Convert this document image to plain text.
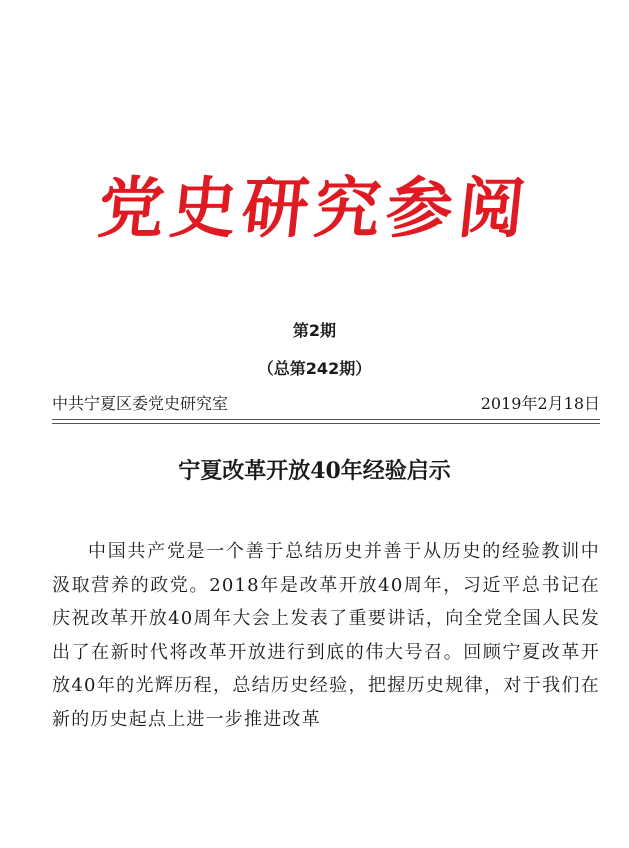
党史研究参阅
第2期
（总第242期）
中共宁夏区委党史研究室	2019年2月18日
宁夏改革开放40年经验启示

中国共产党是一个善于总结历史并善于从历史的经验教训中汲取营养的政党。2018年是改革开放40周年，习近平总书记在庆祝改革开放40周年大会上发表了重要讲话，向全党全国人民发出了在新时代将改革开放进行到底的伟大号召。回顾宁夏改革开放40年的光辉历程，总结历史经验，把握历史规律，对于我们在新的历史起点上进一步推进改革
